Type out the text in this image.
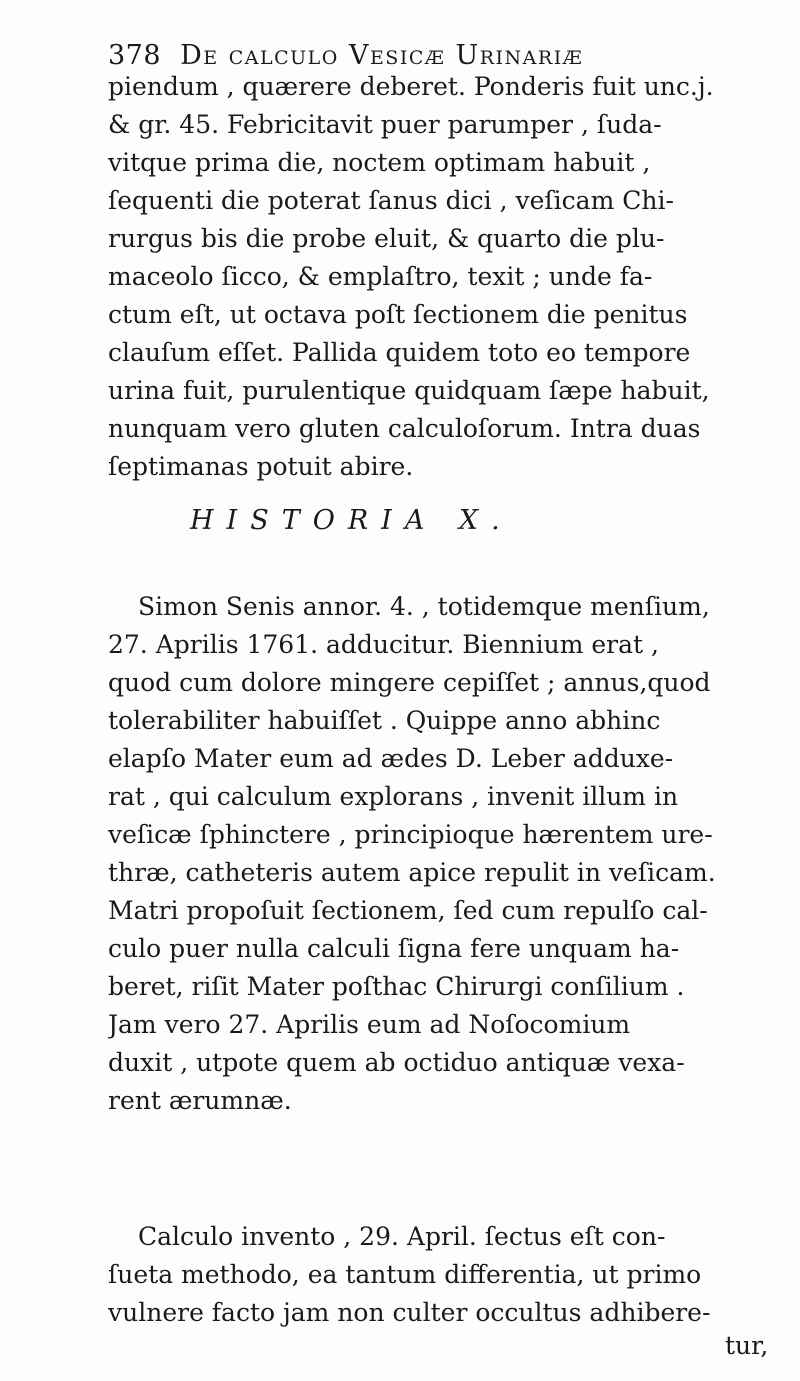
378 De calculo Vesicæ Urinariæ
piendum , quærere deberet. Ponderis fuit unc.j.
& gr. 45. Febricitavit puer parumper , ſuda-
vitque prima die, noctem optimam habuit ,
ſequenti die poterat ſanus dici , veſicam Chi-
rurgus bis die probe eluit, & quarto die plu-
maceolo ſicco, & emplaſtro, texit ; unde fa-
ctum eſt, ut octava poſt ſectionem die penitus
clauſum eſſet. Pallida quidem toto eo tempore
urina fuit, purulentique quidquam ſæpe habuit,
nunquam vero gluten calculoſorum. Intra duas
ſeptimanas potuit abire.
HISTORIA X.
Simon Senis annor. 4. , totidemque menſium,
27. Aprilis 1761. adducitur. Biennium erat ,
quod cum dolore mingere cepiſſet ; annus,quod
tolerabiliter habuiſſet . Quippe anno abhinc
elapſo Mater eum ad ædes D. Leber adduxe-
rat , qui calculum explorans , invenit illum in
veſicæ ſphinctere , principioque hærentem ure-
thræ, catheteris autem apice repulit in veſicam.
Matri propoſuit ſectionem, ſed cum repulſo cal-
culo puer nulla calculi ſigna fere unquam ha-
beret, riſit Mater poſthac Chirurgi conſilium .
Jam vero 27. Aprilis eum ad Noſocomium
duxit , utpote quem ab octiduo antiquæ vexa-
rent ærumnæ.
Calculo invento , 29. April. ſectus eſt con-
ſueta methodo, ea tantum differentia, ut primo
vulnere facto jam non culter occultus adhibere-
tur,
